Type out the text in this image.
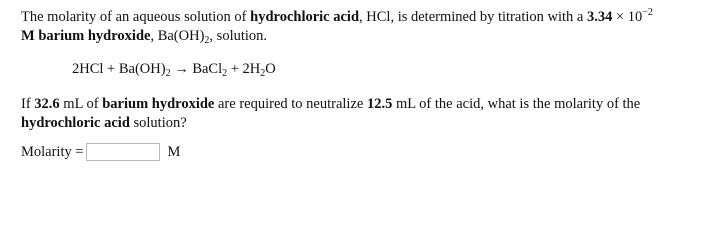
The molarity of an aqueous solution of hydrochloric acid, HCl, is determined by titration with a $3.34 \times 10^{-2}$
M barium hydroxide, $Ba(OH)_2$, solution.
$2HCl + Ba(OH)_2$ → BaCl$_2$ + $2H_2O$
If 32.6 mL of barium hydroxide are required to neutralize 12.5 mL of the acid, what is the molarity of the hydrochloric acid solution?
Molarity =	M
